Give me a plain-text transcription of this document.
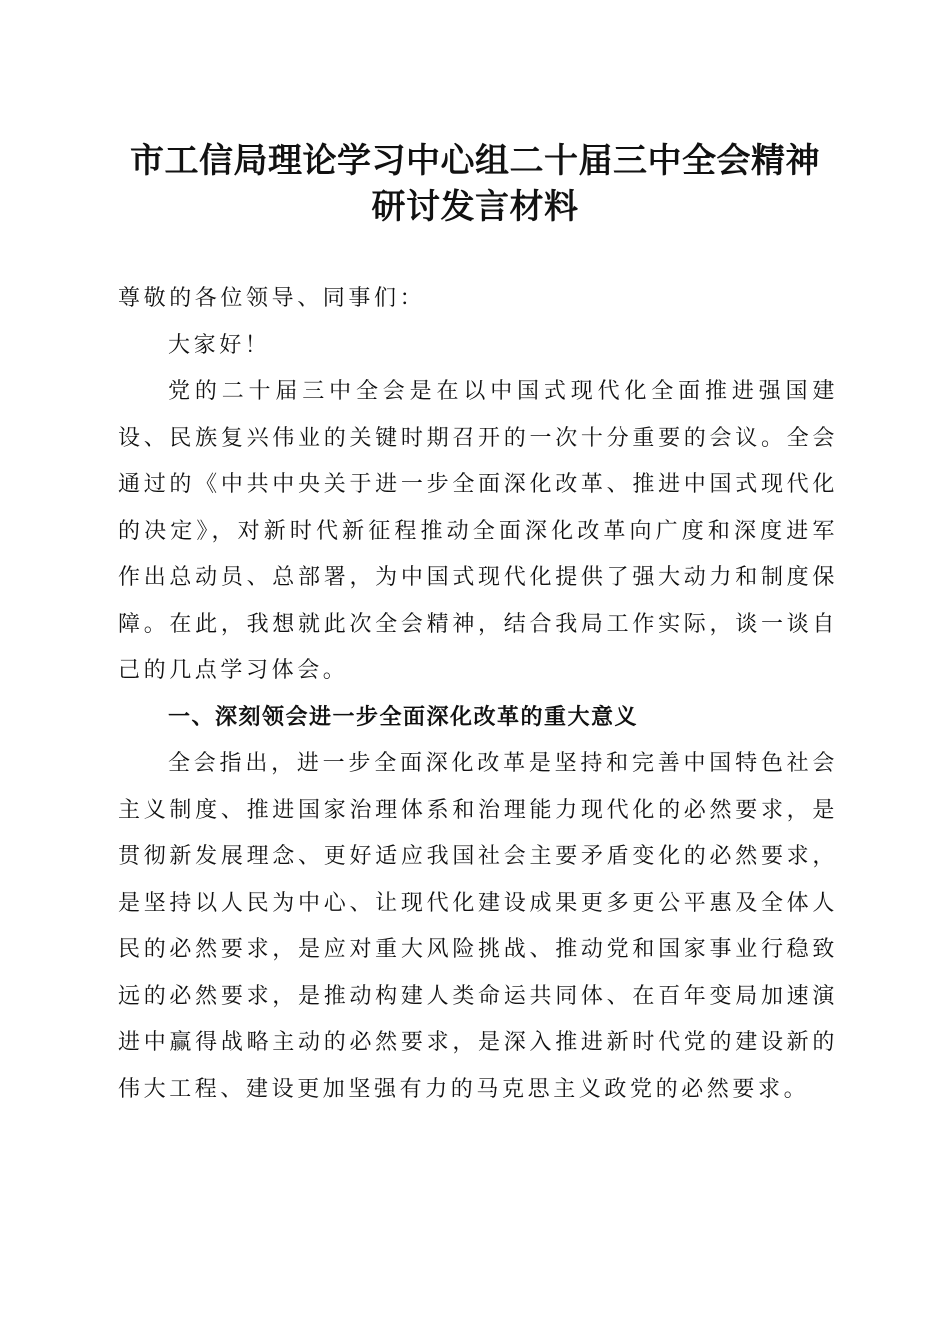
市工信局理论学习中心组二十届三中全会精神
研讨发言材料

尊敬的各位领导、同事们：

大家好！

党的二十届三中全会是在以中国式现代化全面推进强国建设、民族复兴伟业的关键时期召开的一次十分重要的会议。全会通过的《中共中央关于进一步全面深化改革、推进中国式现代化的决定》，对新时代新征程推动全面深化改革向广度和深度进军作出总动员、总部署，为中国式现代化提供了强大动力和制度保障。在此，我想就此次全会精神，结合我局工作实际，谈一谈自己的几点学习体会。

一、深刻领会进一步全面深化改革的重大意义

全会指出，进一步全面深化改革是坚持和完善中国特色社会主义制度、推进国家治理体系和治理能力现代化的必然要求，是贯彻新发展理念、更好适应我国社会主要矛盾变化的必然要求，是坚持以人民为中心、让现代化建设成果更多更公平惠及全体人民的必然要求，是应对重大风险挑战、推动党和国家事业行稳致远的必然要求，是推动构建人类命运共同体、在百年变局加速演进中赢得战略主动的必然要求，是深入推进新时代党的建设新的伟大工程、建设更加坚强有力的马克思主义政党的必然要求。
